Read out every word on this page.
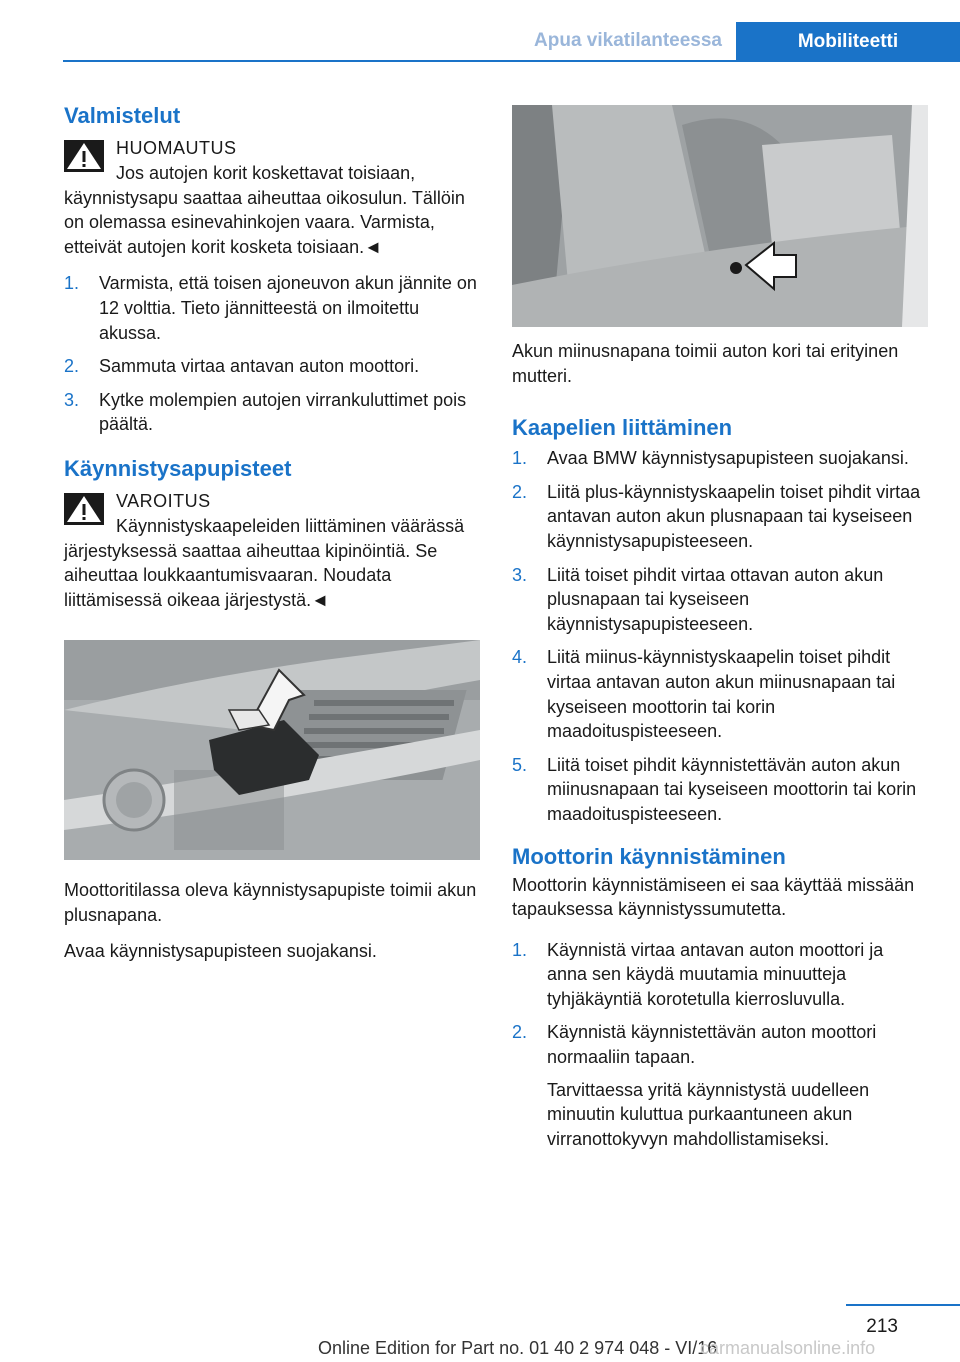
Apua vikatilanteessa	Mobiliteetti
Valmistelut
HUOMAUTUS

Jos autojen korit koskettavat toisiaan, käynnistysapu saattaa aiheuttaa oikosulun. Tällöin on olemassa esinevahinkojen vaara. Varmista, etteivät autojen korit kosketa toisiaan.◄

1. Varmista, että toisen ajoneuvon akun jännite on 12 volttia. Tieto jännitteestä on ilmoitettu akussa.
2. Sammuta virtaa antavan auton moottori.
3. Kytke molempien autojen virrankuluttimet pois päältä.
Käynnistysapupisteet
VAROITUS

Käynnistyskaapeleiden liittäminen väärässä järjestyksessä saattaa aiheuttaa kipinöintiä. Se aiheuttaa loukkaantumisvaaran. Noudata liittämisessä oikeaa järjestystä.◄

Moottoritilassa oleva käynnistysapupiste toimii akun plusnapana.

Avaa käynnistysapupisteen suojakansi.

Akun miinusnapana toimii auton kori tai erityinen mutteri.

Kaapelien liittäminen
1. Avaa BMW käynnistysapupisteen suojakansi.
2. Liitä plus-käynnistyskaapelin toiset pihdit virtaa antavan auton akun plusnapaan tai kyseiseen käynnistysapupisteeseen.
3. Liitä toiset pihdit virtaa ottavan auton akun plusnapaan tai kyseiseen käynnistysapupisteeseen.
4. Liitä miinus-käynnistyskaapelin toiset pihdit virtaa antavan auton akun miinusnapaan tai kyseiseen moottorin tai korin maadoituspisteeseen.
5. Liitä toiset pihdit käynnistettävän auton akun miinusnapaan tai kyseiseen moottorin tai korin maadoituspisteeseen.
Moottorin käynnistäminen

Moottorin käynnistämiseen ei saa käyttää missään tapauksessa käynnistyssumutetta.

1. Käynnistä virtaa antavan auton moottori ja anna sen käydä muutamia minuutteja tyhjäkäyntiä korotetulla kierrosluvulla.
2. Käynnistä käynnistettävän auton moottori normaaliin tapaan.
Tarvittaessa yritä käynnistystä uudelleen minuutin kuluttua purkaantuneen akun virranottokyvyn mahdollistamiseksi.
213
Online Edition for Part no. 01 40 2 974 048 - VI/16
carmanualsonline.info
